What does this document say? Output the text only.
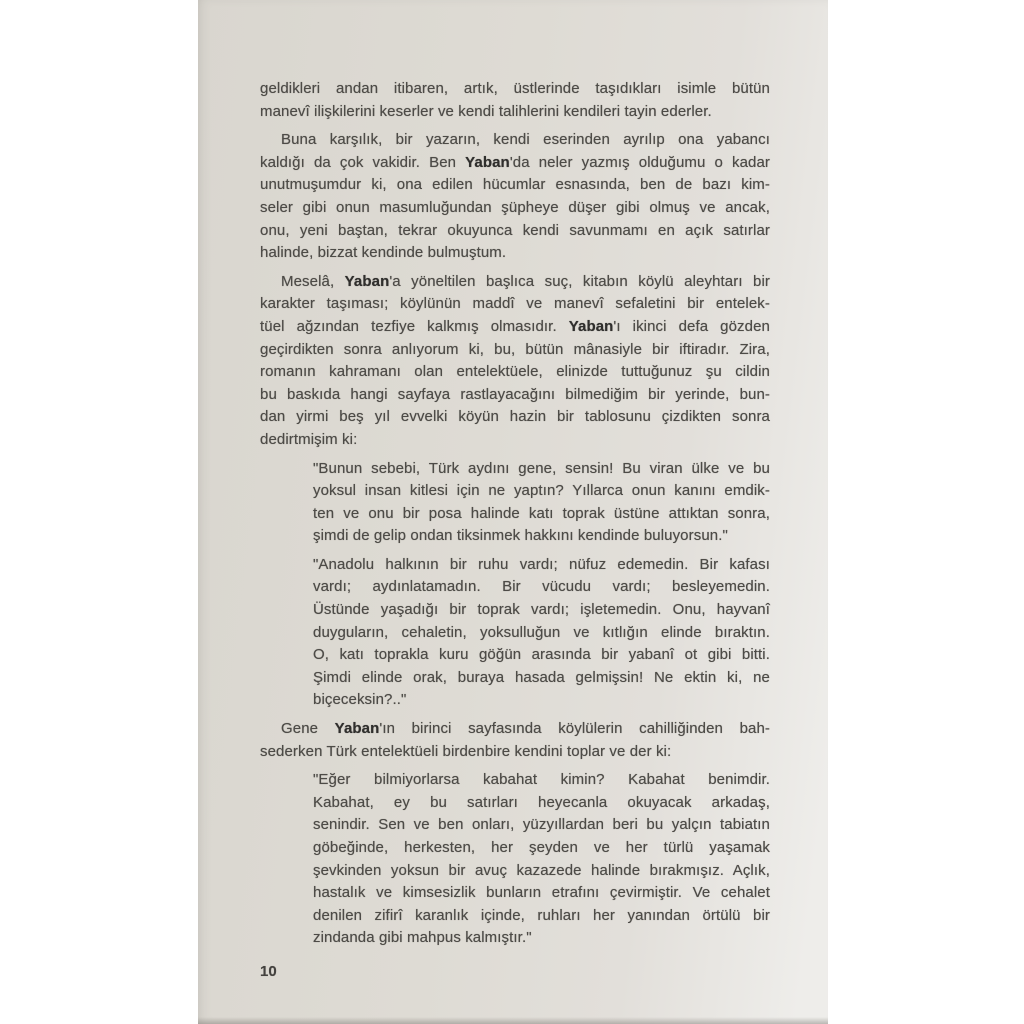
geldikleri andan itibaren, artık, üstlerinde taşıdıkları isimle bütün
manevî ilişkilerini keserler ve kendi talihlerini kendileri tayin ederler.
Buna karşılık, bir yazarın, kendi eserinden ayrılıp ona yabancı
kaldığı da çok vakidir. Ben Yaban'da neler yazmış olduğumu o kadar
unutmuşumdur ki, ona edilen hücumlar esnasında, ben de bazı kim-
seler gibi onun masumluğundan şüpheye düşer gibi olmuş ve ancak,
onu, yeni baştan, tekrar okuyunca kendi savunmamı en açık satırlar
halinde, bizzat kendinde bulmuştum.
Meselâ, Yaban'a yöneltilen başlıca suç, kitabın köylü aleyhtarı bir
karakter taşıması; köylünün maddî ve manevî sefaletini bir entelek-
tüel ağzından tezfiye kalkmış olmasıdır. Yaban'ı ikinci defa gözden
geçirdikten sonra anlıyorum ki, bu, bütün mânasiyle bir iftiradır. Zira,
romanın kahramanı olan entelektüele, elinizde tuttuğunuz şu cildin
bu baskıda hangi sayfaya rastlayacağını bilmediğim bir yerinde, bun-
dan yirmi beş yıl evvelki köyün hazin bir tablosunu çizdikten sonra
dedirtmişim ki:
"Bunun sebebi, Türk aydını gene, sensin! Bu viran ülke ve bu
yoksul insan kitlesi için ne yaptın? Yıllarca onun kanını emdik-
ten ve onu bir posa halinde katı toprak üstüne attıktan sonra,
şimdi de gelip ondan tiksinmek hakkını kendinde buluyorsun."
"Anadolu halkının bir ruhu vardı; nüfuz edemedin. Bir kafası
vardı; aydınlatamadın. Bir vücudu vardı; besleyemedin.
Üstünde yaşadığı bir toprak vardı; işletemedin. Onu, hayvanî
duyguların, cehaletin, yoksulluğun ve kıtlığın elinde bıraktın.
O, katı toprakla kuru göğün arasında bir yabanî ot gibi bitti.
Şimdi elinde orak, buraya hasada gelmişsin! Ne ektin ki, ne
biçeceksin?.."
Gene Yaban'ın birinci sayfasında köylülerin cahilliğinden bah-
sederken Türk entelektüeli birdenbire kendini toplar ve der ki:
"Eğer bilmiyorlarsa kabahat kimin? Kabahat benimdir.
Kabahat, ey bu satırları heyecanla okuyacak arkadaş,
senindir. Sen ve ben onları, yüzyıllardan beri bu yalçın tabiatın
göbeğinde, herkesten, her şeyden ve her türlü yaşamak
şevkinden yoksun bir avuç kazazede halinde bırakmışız. Açlık,
hastalık ve kimsesizlik bunların etrafını çevirmiştir. Ve cehalet
denilen zifirî karanlık içinde, ruhları her yanından örtülü bir
zindanda gibi mahpus kalmıştır."
10
